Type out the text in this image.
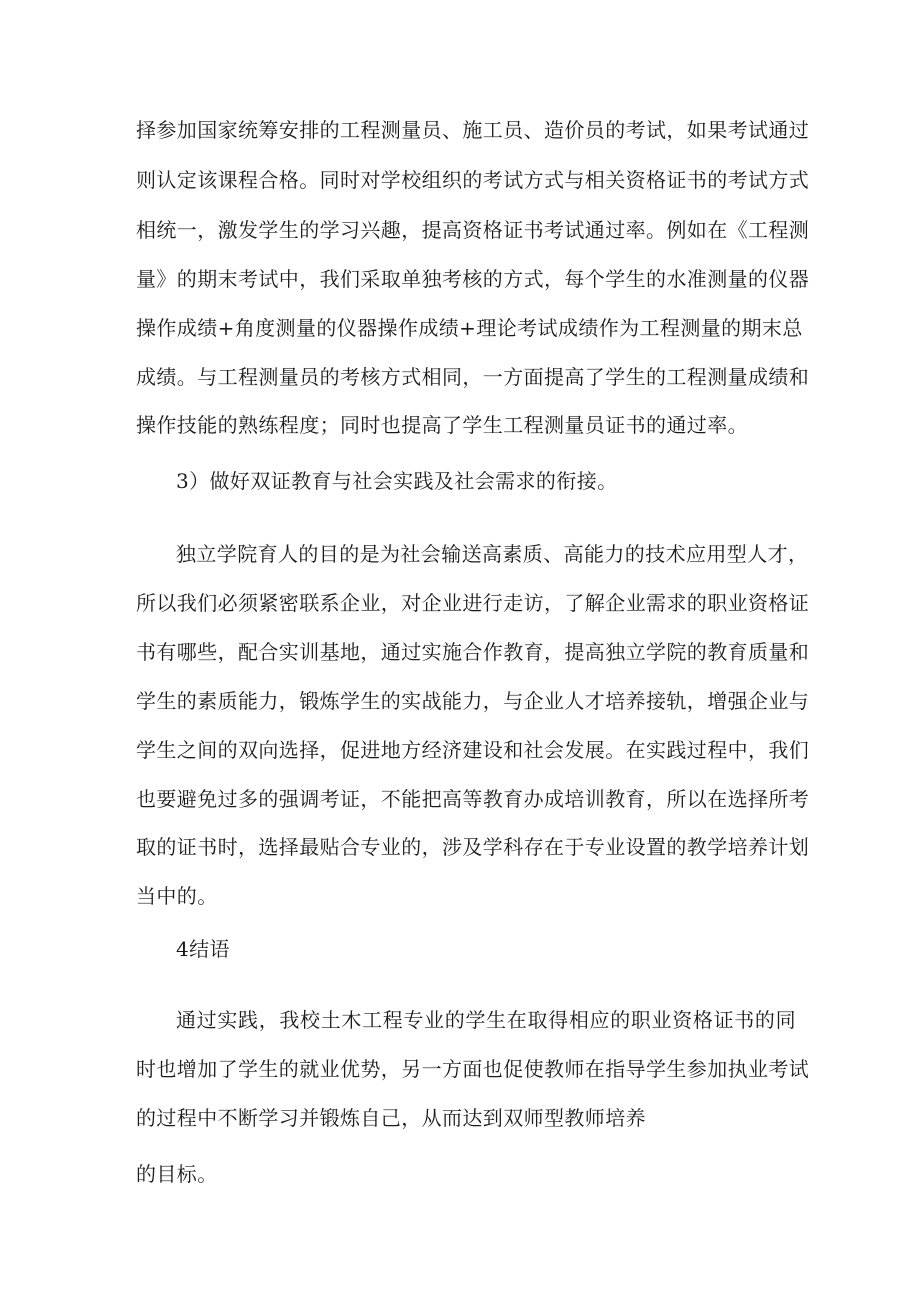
择参加国家统筹安排的工程测量员、施工员、造价员的考试，如果考试通过
则认定该课程合格。同时对学校组织的考试方式与相关资格证书的考试方式
相统一，激发学生的学习兴趣，提高资格证书考试通过率。例如在《工程测
量》的期末考试中，我们采取单独考核的方式，每个学生的水准测量的仪器
操作成绩+角度测量的仪器操作成绩+理论考试成绩作为工程测量的期末总
成绩。与工程测量员的考核方式相同，一方面提高了学生的工程测量成绩和
操作技能的熟练程度；同时也提高了学生工程测量员证书的通过率。
3）做好双证教育与社会实践及社会需求的衔接。
独立学院育人的目的是为社会输送高素质、高能力的技术应用型人才，
所以我们必须紧密联系企业，对企业进行走访，了解企业需求的职业资格证
书有哪些，配合实训基地，通过实施合作教育，提高独立学院的教育质量和
学生的素质能力，锻炼学生的实战能力，与企业人才培养接轨，增强企业与
学生之间的双向选择，促进地方经济建设和社会发展。在实践过程中，我们
也要避免过多的强调考证，不能把高等教育办成培训教育，所以在选择所考
取的证书时，选择最贴合专业的，涉及学科存在于专业设置的教学培养计划
当中的。
4结语
通过实践，我校土木工程专业的学生在取得相应的职业资格证书的同
时也增加了学生的就业优势，另一方面也促使教师在指导学生参加执业考试
的过程中不断学习并锻炼自己，从而达到双师型教师培养
的目标。
